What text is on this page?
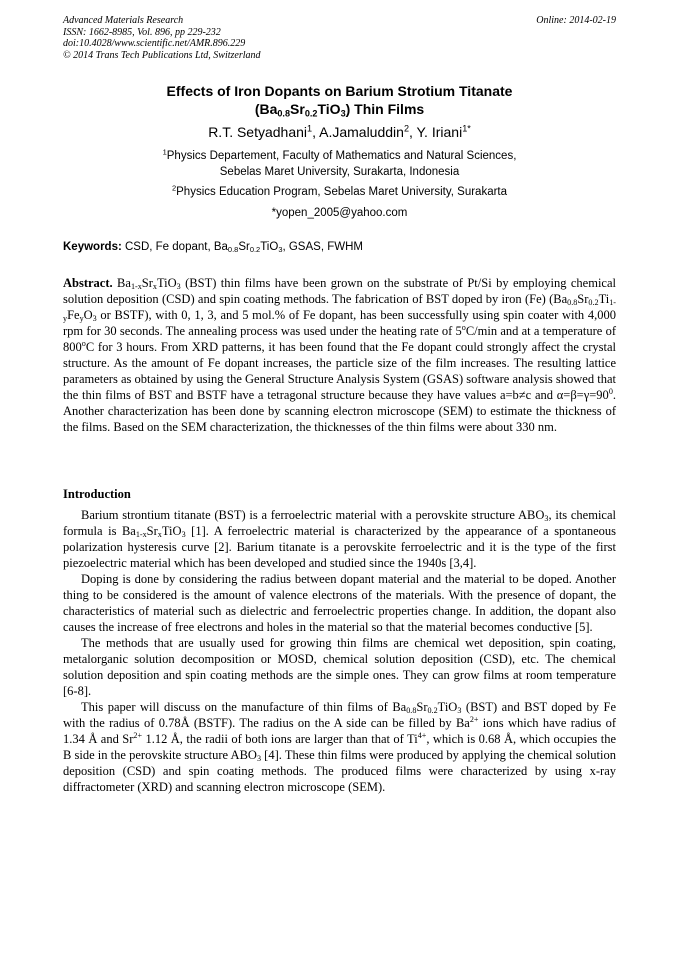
Advanced Materials Research	Online: 2014-02-19
ISSN: 1662-8985, Vol. 896, pp 229-232
doi:10.4028/www.scientific.net/AMR.896.229
© 2014 Trans Tech Publications Ltd, Switzerland
Effects of Iron Dopants on Barium Strotium Titanate
$(Ba_{0.8}Sr_{0.2}TiO_3)$ Thin Films
R.T. Setyadhani$^1$, A.Jamaluddin$^2$, Y. Iriani$^{1*}$
$^1$Physics Departement, Faculty of Mathematics and Natural Sciences,
Sebelas Maret University, Surakarta, Indonesia
$^2$Physics Education Program, Sebelas Maret University, Surakarta
*yopen_2005@yahoo.com
Keywords: CSD, Fe dopant, $Ba_{0.8}Sr_{0.2}TiO_3$, GSAS, FWHM
Abstract. $Ba_{1-x}Sr_xTiO_3$ (BST) thin films have been grown on the substrate of Pt/Si by employing chemical solution deposition (CSD) and spin coating methods. The fabrication of BST doped by iron (Fe) ($Ba_{0.8}Sr_{0.2}Ti_{1-y}Fe_yO_3$ or BSTF), with 0, 1, 3, and 5 mol.% of Fe dopant, has been successfully using spin coater with 4,000 rpm for 30 seconds. The annealing process was used under the heating rate of 5$^o$C/min and at a temperature of 800$^o$C for 3 hours. From XRD patterns, it has been found that the Fe dopant could strongly affect the crystal structure. As the amount of Fe dopant increases, the particle size of the film increases. The resulting lattice parameters as obtained by using the General Structure Analysis System (GSAS) software analysis showed that the thin films of BST and BSTF have a tetragonal structure because they have values a=b≠c and $\alpha=\beta=\gamma=90^0$. Another characterization has been done by scanning electron microscope (SEM) to estimate the thickness of the films. Based on the SEM characterization, the thicknesses of the thin films were about 330 nm.
Introduction

Barium strontium titanate (BST) is a ferroelectric material with a perovskite structure $ABO_3$, its chemical formula is $Ba_{1-x}Sr_xTiO_3$ [1]. A ferroelectric material is characterized by the appearance of a spontaneous polarization hysteresis curve [2]. Barium titanate is a perovskite ferroelectric and it is the type of the first piezoelectric material which has been developed and studied since the 1940s [3,4].

Doping is done by considering the radius between dopant material and the material to be doped. Another thing to be considered is the amount of valence electrons of the materials. With the presence of dopant, the characteristics of material such as dielectric and ferroelectric properties change. In addition, the dopant also causes the increase of free electrons and holes in the material so that the material becomes conductive [5].

The methods that are usually used for growing thin films are chemical wet deposition, spin coating, metalorganic solution decomposition or MOSD, chemical solution deposition (CSD), etc. The chemical solution deposition and spin coating methods are the simple ones. They can grow films at room temperature [6-8].

This paper will discuss on the manufacture of thin films of $Ba_{0.8}Sr_{0.2}TiO_3$ (BST) and BST doped by Fe with the radius of 0.78Å (BSTF). The radius on the A side can be filled by $Ba^{2+}$ ions which have radius of 1.34 Å and $Sr^{2+}$ 1.12 Å, the radii of both ions are larger than that of $Ti^{4+}$, which is 0.68 Å, which occupies the B side in the perovskite structure $ABO_3$ [4]. These thin films were produced by applying the chemical solution deposition (CSD) and spin coating methods. The produced films were characterized by using x-ray diffractometer (XRD) and scanning electron microscope (SEM).
